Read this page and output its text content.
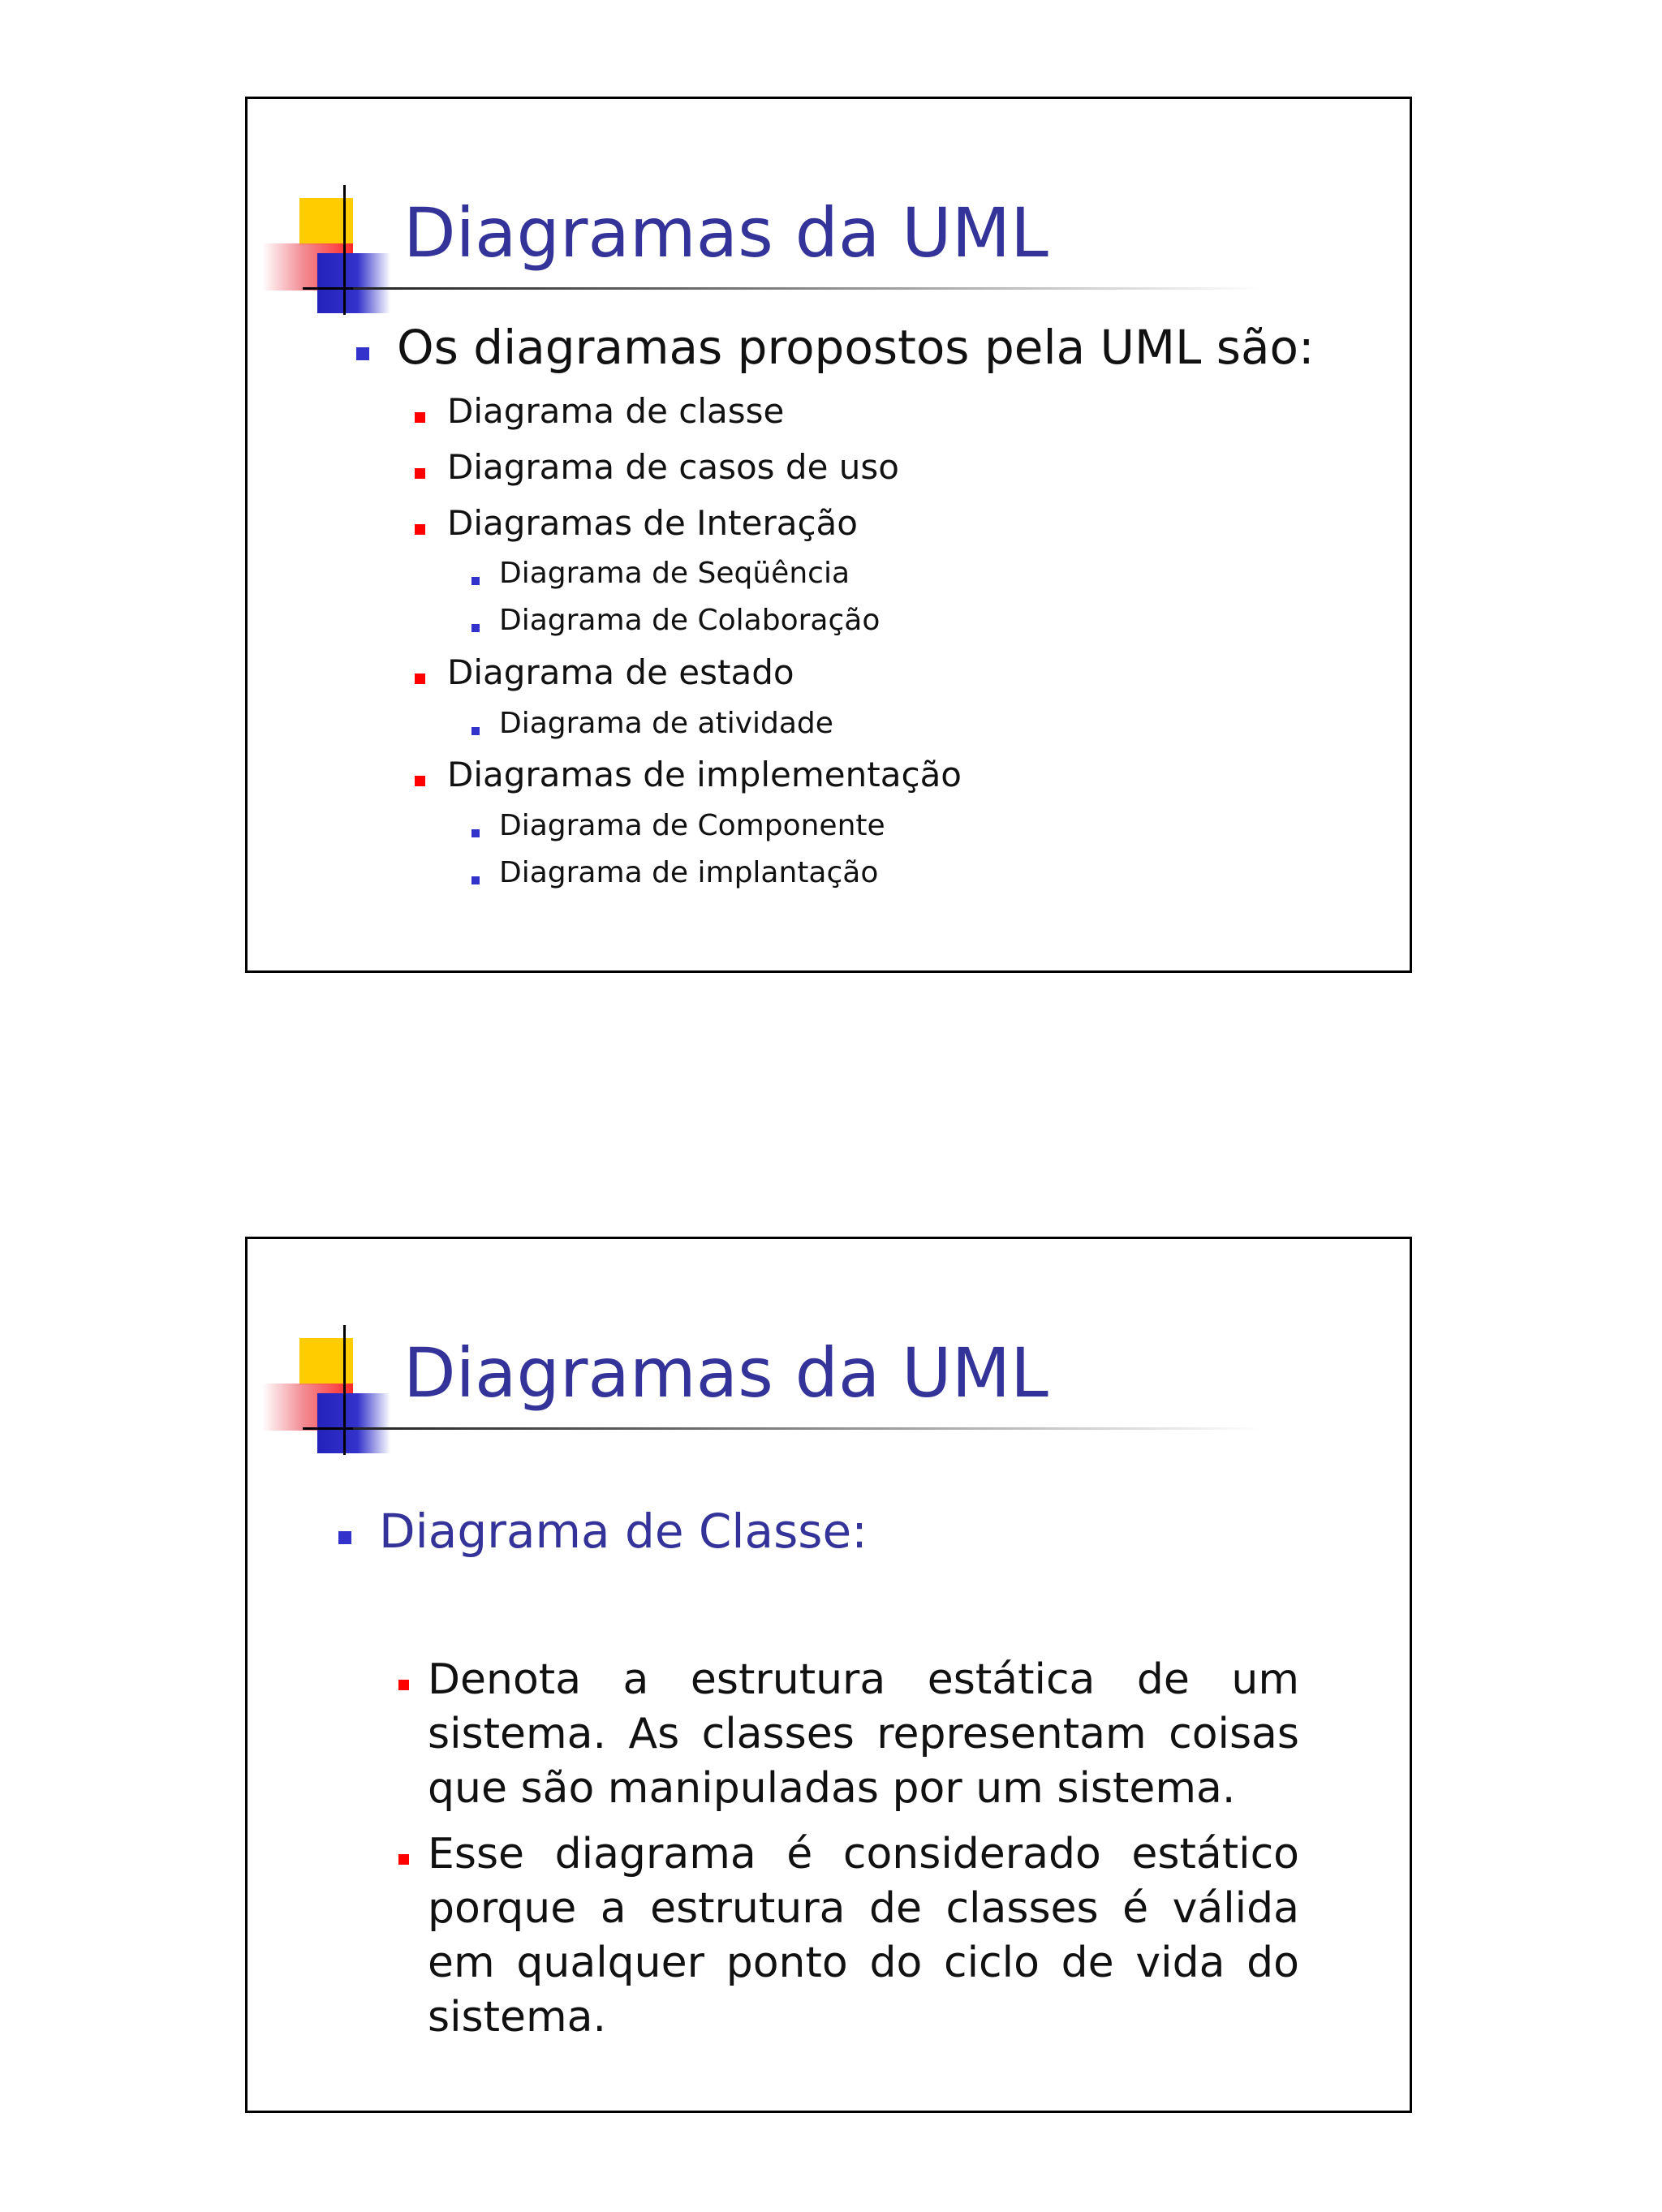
Diagramas da UML
Os diagramas propostos pela UML são:
Diagrama de classe
Diagrama de casos de uso
Diagramas de Interação
Diagrama de Seqüência
Diagrama de Colaboração
Diagrama de estado
Diagrama de atividade
Diagramas de implementação
Diagrama de Componente
Diagrama de implantação
Diagramas da UML
Diagrama de Classe:
Denota a estrutura estática de um sistema. As classes representam coisas que são manipuladas por um sistema.
Esse diagrama é considerado estático porque a estrutura de classes é válida em qualquer ponto do ciclo de vida do sistema.
